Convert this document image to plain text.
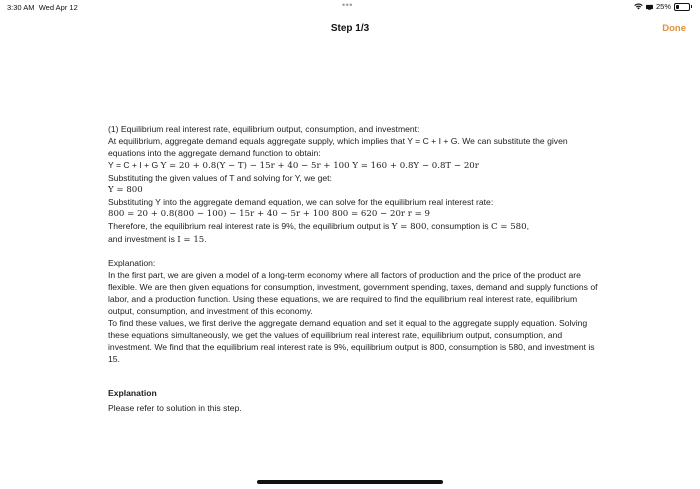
3:30 AM Wed Apr 12	•••	25%
Step 1/3	Done

(1) Equilibrium real interest rate, equilibrium output, consumption, and investment:

At equilibrium, aggregate demand equals aggregate supply, which implies that Y = C + I + G. We can substitute the given equations into the aggregate demand function to obtain:

Y = C + I + G Y = 20 + 0.8(Y − T) − 15r + 40 − 5r + 100 Y = 160 + 0.8Y − 0.8T − 20r

Substituting the given values of T and solving for Y, we get:

Y = 800

Substituting Y into the aggregate demand equation, we can solve for the equilibrium real interest rate:

800 = 20 + 0.8(800 − 100) − 15r + 40 − 5r + 100 800 = 620 − 20r r = 9

Therefore, the equilibrium real interest rate is 9%, the equilibrium output is Y = 800, consumption is C = 580,
and investment is I = 15.

Explanation:

In the first part, we are given a model of a long-term economy where all factors of production and the price of the product are flexible. We are then given equations for consumption, investment, government spending, taxes, demand and supply functions of labor, and a production function. Using these equations, we are required to find the equilibrium real interest rate, equilibrium output, consumption, and investment of this economy.

To find these values, we first derive the aggregate demand equation and set it equal to the aggregate supply equation. Solving these equations simultaneously, we get the values of equilibrium real interest rate, equilibrium output, consumption, and investment. We find that the equilibrium real interest rate is 9%, equilibrium output is 800, consumption is 580, and investment is 15.

Explanation

Please refer to solution in this step.
